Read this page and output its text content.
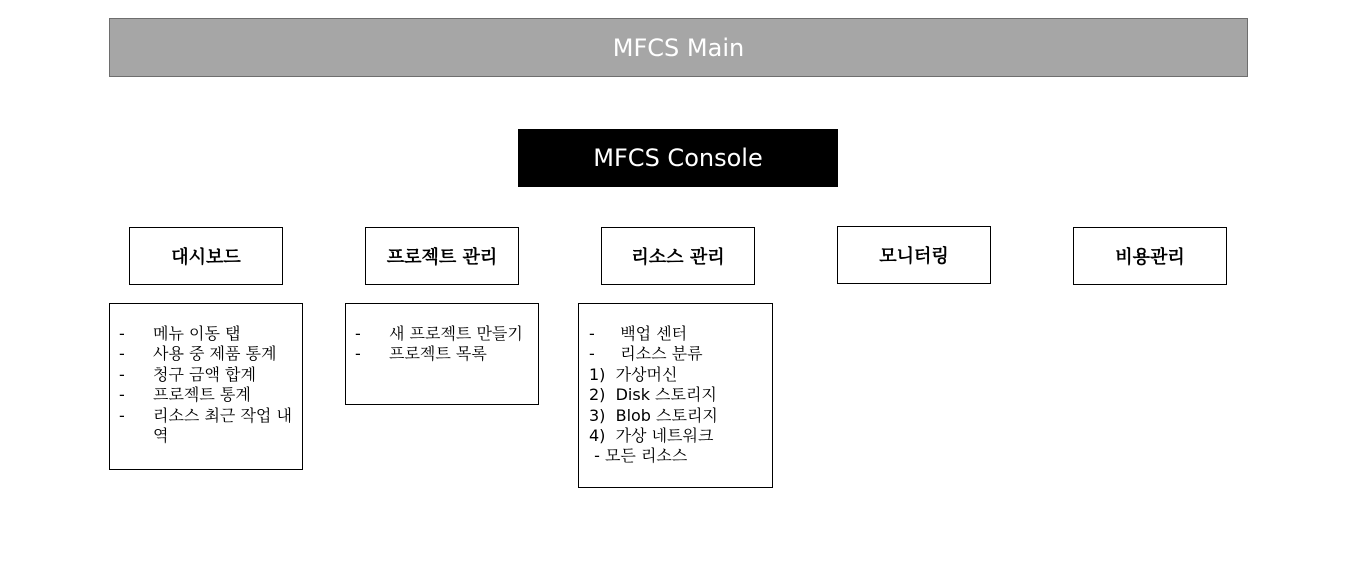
MFCS Main
MFCS Console
대시보드	프로젝트 관리	리소스 관리	모니터링	비용관리
- 메뉴 이동 탭
- 사용 중 제품 통계
- 청구 금액 합계
- 프로젝트 통계
- 리소스 최근 작업 내역
- 새 프로젝트 만들기
- 프로젝트 목록
-     백업 센터
-     리소스 분류
1)  가상머신
2)  Disk 스토리지
3)  Blob 스토리지
4)  가상 네트워크
- 모든 리소스
